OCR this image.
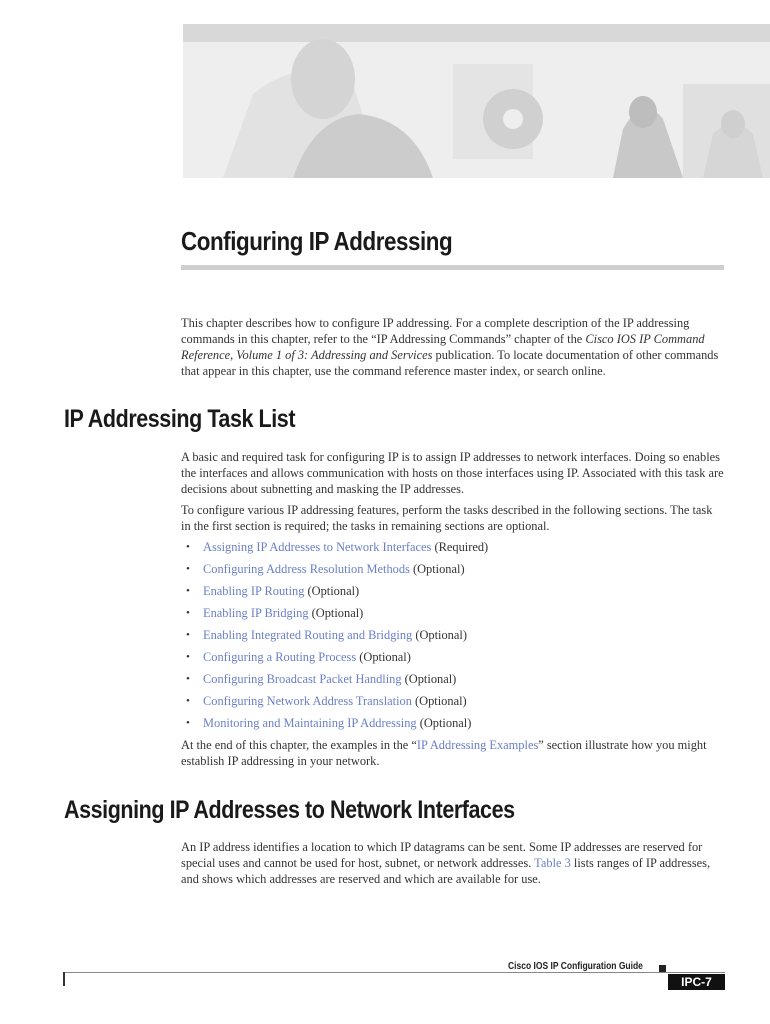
Configuring IP Addressing

This chapter describes how to configure IP addressing. For a complete description of the IP addressing commands in this chapter, refer to the “IP Addressing Commands” chapter of the Cisco IOS IP Command Reference, Volume 1 of 3: Addressing and Services publication. To locate documentation of other commands that appear in this chapter, use the command reference master index, or search online.

IP Addressing Task List

A basic and required task for configuring IP is to assign IP addresses to network interfaces. Doing so enables the interfaces and allows communication with hosts on those interfaces using IP. Associated with this task are decisions about subnetting and masking the IP addresses.

To configure various IP addressing features, perform the tasks described in the following sections. The task in the first section is required; the tasks in remaining sections are optional.

• Assigning IP Addresses to Network Interfaces (Required)
• Configuring Address Resolution Methods (Optional)
• Enabling IP Routing (Optional)
• Enabling IP Bridging (Optional)
• Enabling Integrated Routing and Bridging (Optional)
• Configuring a Routing Process (Optional)
• Configuring Broadcast Packet Handling (Optional)
• Configuring Network Address Translation (Optional)
• Monitoring and Maintaining IP Addressing (Optional)

At the end of this chapter, the examples in the “IP Addressing Examples” section illustrate how you might establish IP addressing in your network.

Assigning IP Addresses to Network Interfaces

An IP address identifies a location to which IP datagrams can be sent. Some IP addresses are reserved for special uses and cannot be used for host, subnet, or network addresses. Table 3 lists ranges of IP addresses, and shows which addresses are reserved and which are available for use.

Cisco IOS IP Configuration Guide
IPC-7
